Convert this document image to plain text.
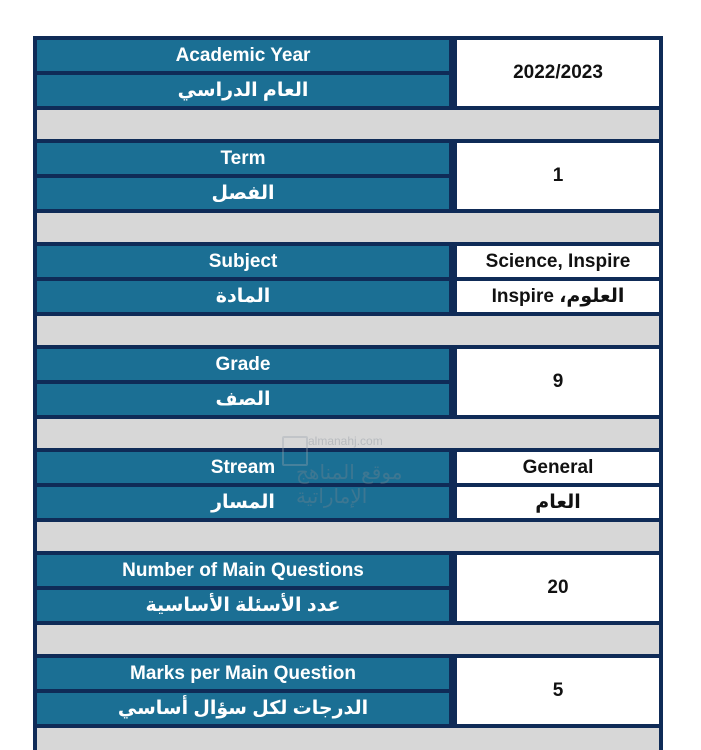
Academic Year
العام الدراسي
2022/2023
Term
الفصل
1
Subject
المادة
Science, Inspire
العلوم، Inspire
Grade
الصف
9
Stream
المسار
General
العام
Number of Main Questions
عدد الأسئلة الأساسية
20
Marks per Main Question
الدرجات لكل سؤال أساسي
5
almanahj.com
موقع المناهج الإماراتية
